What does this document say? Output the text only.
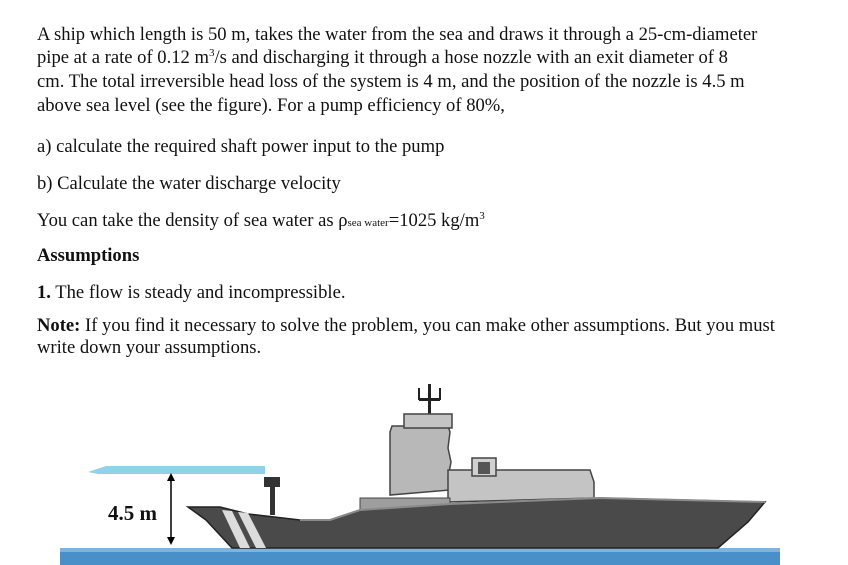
A ship which length is 50 m, takes the water from the sea and draws it through a 25-cm-diameter
pipe at a rate of 0.12 $m^3/s$ and discharging it through a hose nozzle with an exit diameter of 8
cm. The total irreversible head loss of the system is 4 m, and the position of the nozzle is 4.5 m
above sea level (see the figure). For a pump efficiency of 80%,
a) calculate the required shaft power input to the pump
b) Calculate the water discharge velocity
You can take the density of sea water as ρsea water=1025 $kg/m^3$
Assumptions
1. The flow is steady and incompressible.
Note: If you find it necessary to solve the problem, you can make other assumptions. But you must
write down your assumptions.
4.5 m
